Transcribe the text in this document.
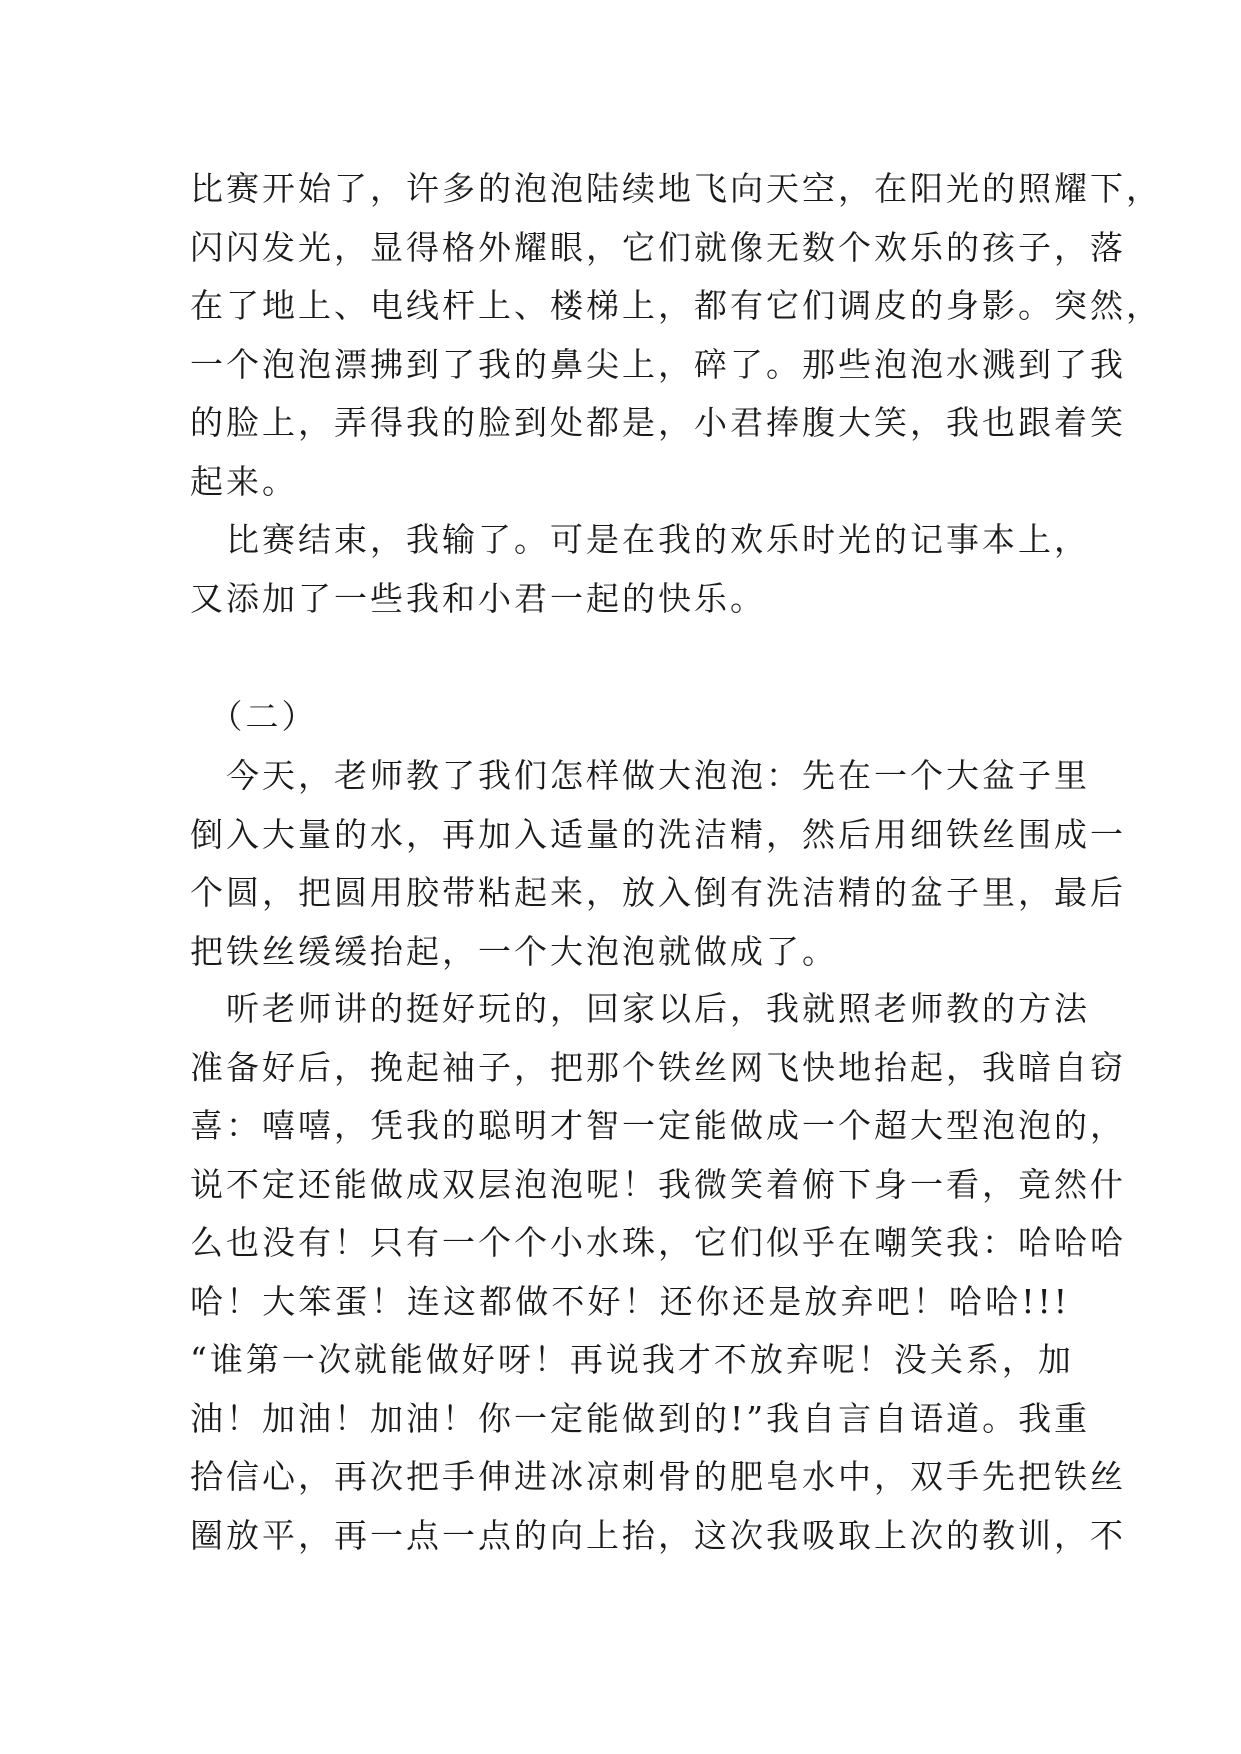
比赛开始了，许多的泡泡陆续地飞向天空，在阳光的照耀下，
闪闪发光，显得格外耀眼，它们就像无数个欢乐的孩子，落
在了地上、电线杆上、楼梯上，都有它们调皮的身影。突然，
一个泡泡漂拂到了我的鼻尖上，碎了。那些泡泡水溅到了我
的脸上，弄得我的脸到处都是，小君捧腹大笑，我也跟着笑
起来。
　比赛结束，我输了。可是在我的欢乐时光的记事本上，
又添加了一些我和小君一起的快乐。
　（二）
　今天，老师教了我们怎样做大泡泡：先在一个大盆子里
倒入大量的水，再加入适量的洗洁精，然后用细铁丝围成一
个圆，把圆用胶带粘起来，放入倒有洗洁精的盆子里，最后
把铁丝缓缓抬起，一个大泡泡就做成了。
　听老师讲的挺好玩的，回家以后，我就照老师教的方法
准备好后，挽起袖子，把那个铁丝网飞快地抬起，我暗自窃
喜：嘻嘻，凭我的聪明才智一定能做成一个超大型泡泡的，
说不定还能做成双层泡泡呢！我微笑着俯下身一看，竟然什
么也没有！只有一个个小水珠，它们似乎在嘲笑我：哈哈哈
哈！大笨蛋！连这都做不好！还你还是放弃吧！哈哈!!!
“谁第一次就能做好呀！再说我才不放弃呢！没关系，加
油！加油！加油！你一定能做到的!”我自言自语道。我重
拾信心，再次把手伸进冰凉刺骨的肥皂水中，双手先把铁丝
圈放平，再一点一点的向上抬，这次我吸取上次的教训，不
